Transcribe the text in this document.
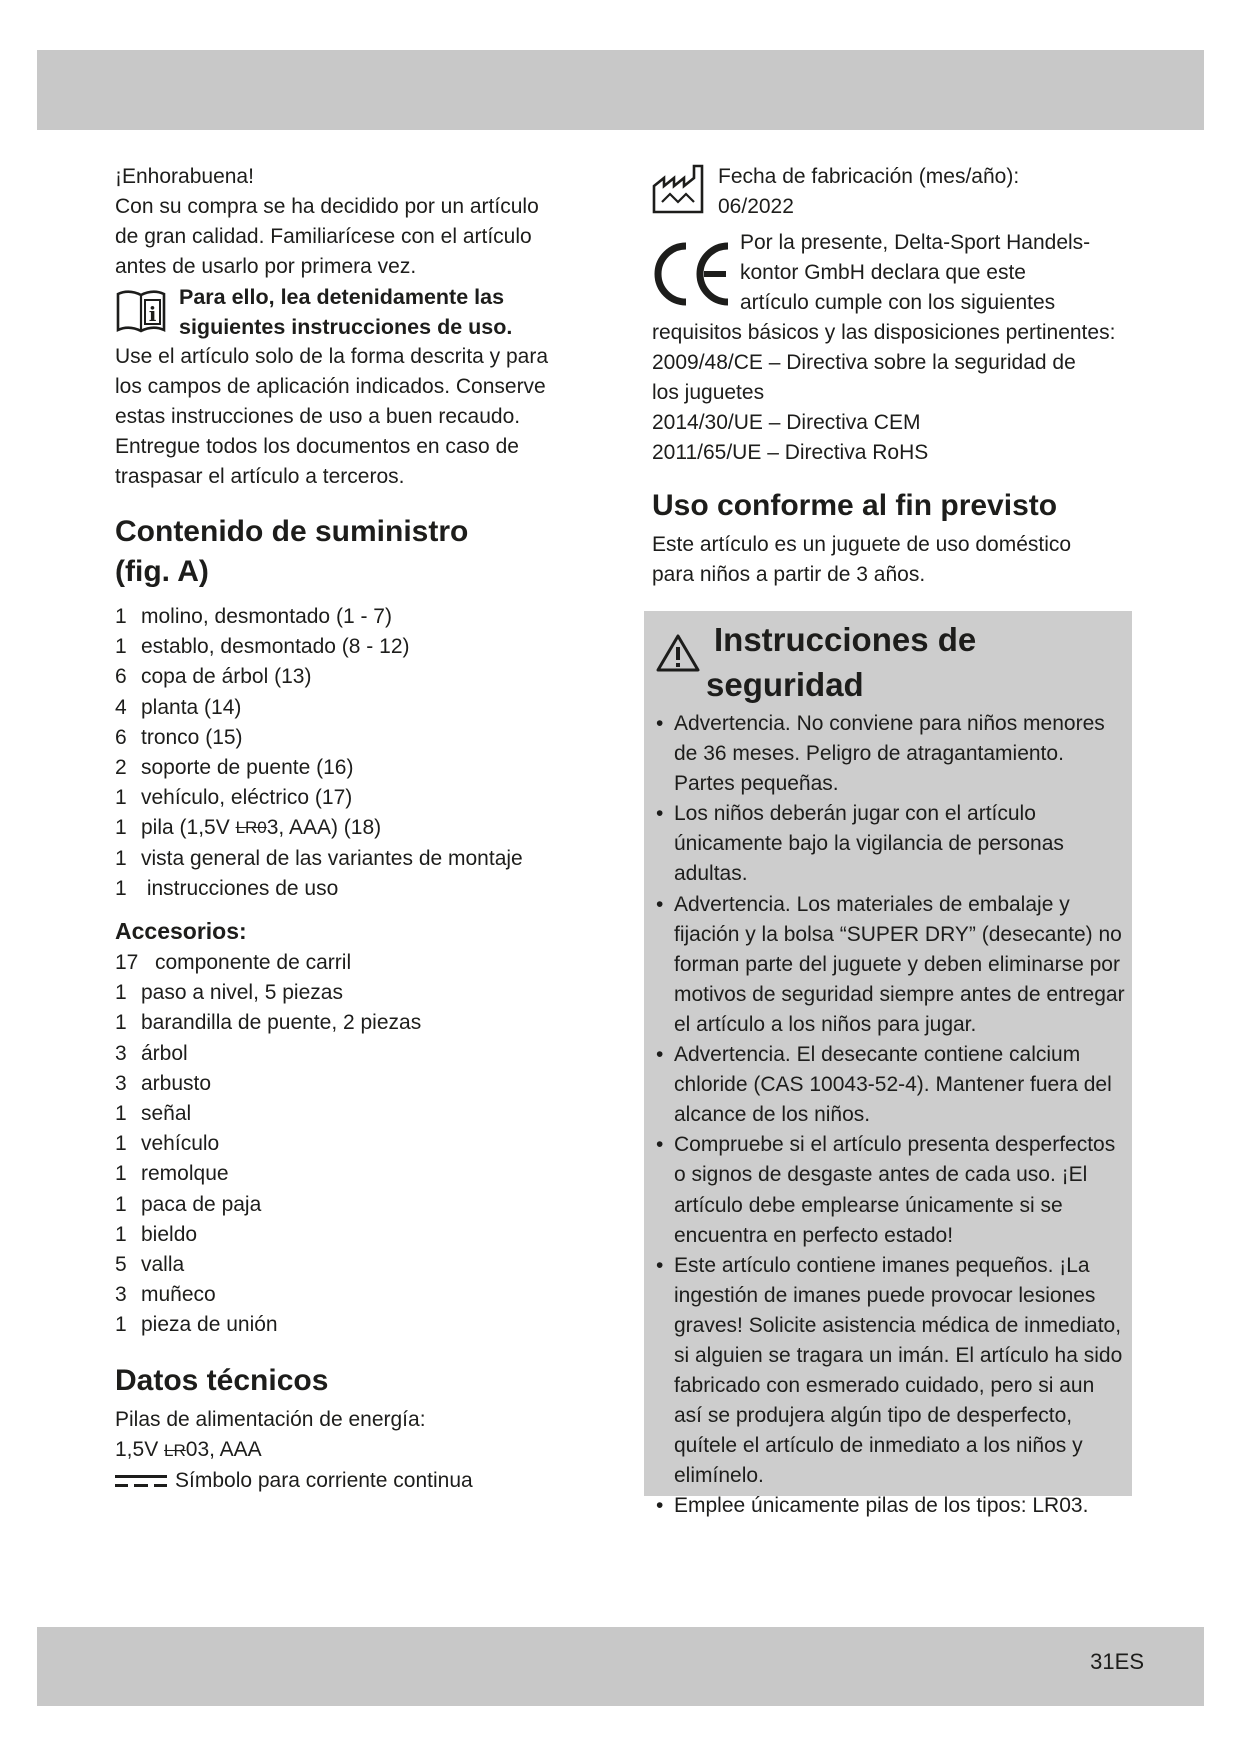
¡Enhorabuena!

Con su compra se ha decidido por un artículo

de gran calidad. Familiarícese con el artículo

antes de usarlo por primera vez.

i

Para ello, lea detenidamente las

siguientes instrucciones de uso.

Use el artículo solo de la forma descrita y para

los campos de aplicación indicados. Conserve

estas instrucciones de uso a buen recaudo.

Entregue todos los documentos en caso de

traspasar el artículo a terceros.

Contenido de suministro
(fig. A)
1 molino, desmontado (1 - 7)
1 establo, desmontado (8 - 12)
6 copa de árbol (13)
4 planta (14)
6 tronco (15)
2 soporte de puente (16)
1 vehículo, eléctrico (17)
1 pila (1,5V LR0 3, AAA) (18)
1 vista general de las variantes de montaje
1 instrucciones de uso
Accesorios:
17 componente de carril
1 paso a nivel, 5 piezas
1 barandilla de puente, 2 piezas
3 árbol
3 arbusto
1 señal
1 vehículo
1 remolque
1 paca de paja
1 bieldo
5 valla
3 muñeco
1 pieza de unión
Datos técnicos

Pilas de alimentación de energía:

1,5V LR03, AAA

Símbolo para corriente continua

Fecha de fabricación (mes/año):

06/2022

Por la presente, Delta-Sport Handels-

kontor GmbH declara que este

artículo cumple con los siguientes

requisitos básicos y las disposiciones pertinentes:

2009/48/CE – Directiva sobre la seguridad de

los juguetes

2014/30/UE – Directiva CEM

2011/65/UE – Directiva RoHS

Uso conforme al fin previsto

Este artículo es un juguete de uso doméstico

para niños a partir de 3 años.

Instrucciones de

seguridad

• Advertencia. No conviene para niños menores de 36 meses. Peligro de atragantamiento. Partes pequeñas.
• Los niños deberán jugar con el artículo únicamente bajo la vigilancia de personas adultas.
• Advertencia. Los materiales de embalaje y fijación y la bolsa “SUPER DRY” (desecante) no forman parte del juguete y deben eliminarse por motivos de seguridad siempre antes de entregar el artículo a los niños para jugar.
• Advertencia. El desecante contiene calcium chloride (CAS 10043-52-4). Mantener fuera del alcance de los niños.
• Compruebe si el artículo presenta desperfectos o signos de desgaste antes de cada uso. ¡El artículo debe emplearse únicamente si se encuentra en perfecto estado!
• Este artículo contiene imanes pequeños. ¡La ingestión de imanes puede provocar lesiones graves! Solicite asistencia médica de inmediato, si alguien se tragara un imán. El artículo ha sido fabricado con esmerado cuidado, pero si aun así se produjera algún tipo de desperfecto, quítele el artículo de inmediato a los niños y elimínelo.
• Emplee únicamente pilas de los tipos: LR03.
31ES
